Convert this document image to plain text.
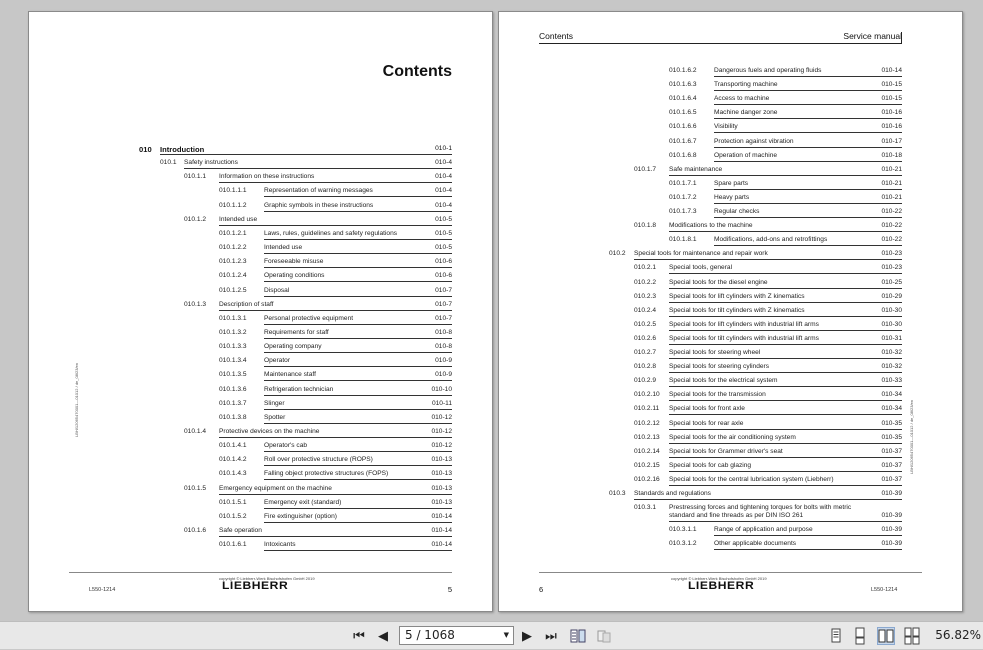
Contents
010 Introduction	010-1
010.1 Safety instructions	010-4
010.1.1 Information on these instructions	010-4
010.1.1.1	Representation of warning messages	010-4
010.1.1.2	Graphic symbols in these instructions	010-4
010.1.2 Intended use	010-5
010.1.2.1	Laws, rules, guidelines and safety regulations	010-5
010.1.2.2	Intended use	010-5
010.1.2.3	Foreseeable misuse	010-6
010.1.2.4	Operating conditions	010-6
010.1.2.5	Disposal	010-7
010.1.3 Description of staff	010-7
010.1.3.1	Personal protective equipment	010-7
010.1.3.2	Requirements for staff	010-8
010.1.3.3	Operating company	010-8
010.1.3.4	Operator	010-9
010.1.3.5	Maintenance staff	010-9
010.1.3.6	Refrigeration technician	010-10
010.1.3.7	Slinger	010-11
010.1.3.8	Spotter	010-12
010.1.4 Protective devices on the machine	010-12
010.1.4.1	Operator's cab	010-12
010.1.4.2	Roll over protective structure (ROPS)	010-13
010.1.4.3	Falling object protective structures (FOPS)	010-13
010.1.5 Emergency equipment on the machine	010-13
010.1.5.1	Emergency exit (standard)	010-13
010.1.5.2	Fire extinguisher (option)	010-14
010.1.6 Safe operation	010-14
010.1.6.1	Intoxicants	010-14
LBH/12065470001—01012 / de_08/23/en
copyright © Liebherr-Werk Bischofshofen GmbH 2019
LIEBHERR
L550-1214	5
Contents	Service manual
010.1.6.2	Dangerous fuels and operating fluids	010-14
010.1.6.3	Transporting machine	010-15
010.1.6.4	Access to machine	010-15
010.1.6.5	Machine danger zone	010-16
010.1.6.6	Visibility	010-16
010.1.6.7	Protection against vibration	010-17
010.1.6.8	Operation of machine	010-18
010.1.7 Safe maintenance	010-21
010.1.7.1	Spare parts	010-21
010.1.7.2	Heavy parts	010-21
010.1.7.3	Regular checks	010-22
010.1.8 Modifications to the machine	010-22
010.1.8.1	Modifications, add-ons and retrofittings	010-22
010.2 Special tools for maintenance and repair work	010-23
010.2.1 Special tools, general	010-23
010.2.2 Special tools for the diesel engine	010-25
010.2.3 Special tools for lift cylinders with Z kinematics	010-29
010.2.4 Special tools for tilt cylinders with Z kinematics	010-30
010.2.5 Special tools for lift cylinders with industrial lift arms	010-30
010.2.6 Special tools for tilt cylinders with industrial lift arms	010-31
010.2.7 Special tools for steering wheel	010-32
010.2.8 Special tools for steering cylinders	010-32
010.2.9 Special tools for the electrical system	010-33
010.2.10 Special tools for the transmission	010-34
010.2.11 Special tools for front axle	010-34
010.2.12 Special tools for rear axle	010-35
010.2.13 Special tools for the air conditioning system	010-35
010.2.14 Special tools for Grammer driver's seat	010-37
010.2.15 Special tools for cab glazing	010-37
010.2.16 Special tools for the central lubrication system (Liebherr)	010-37
010.3 Standards and regulations	010-39
010.3.1 Prestressing forces and tightening torques for bolts with metric standard and fine threads as per DIN ISO 261	010-39
010.3.1.1	Range of application and purpose	010-39
010.3.1.2	Other applicable documents	010-39
LBH/12065470001—01012 / de_08/23/en
copyright © Liebherr-Werk Bischofshofen GmbH 2019
LIEBHERR
6	L550-1214
⏮	◀	5 / 1068	▼	▶	⏭	56.82%
